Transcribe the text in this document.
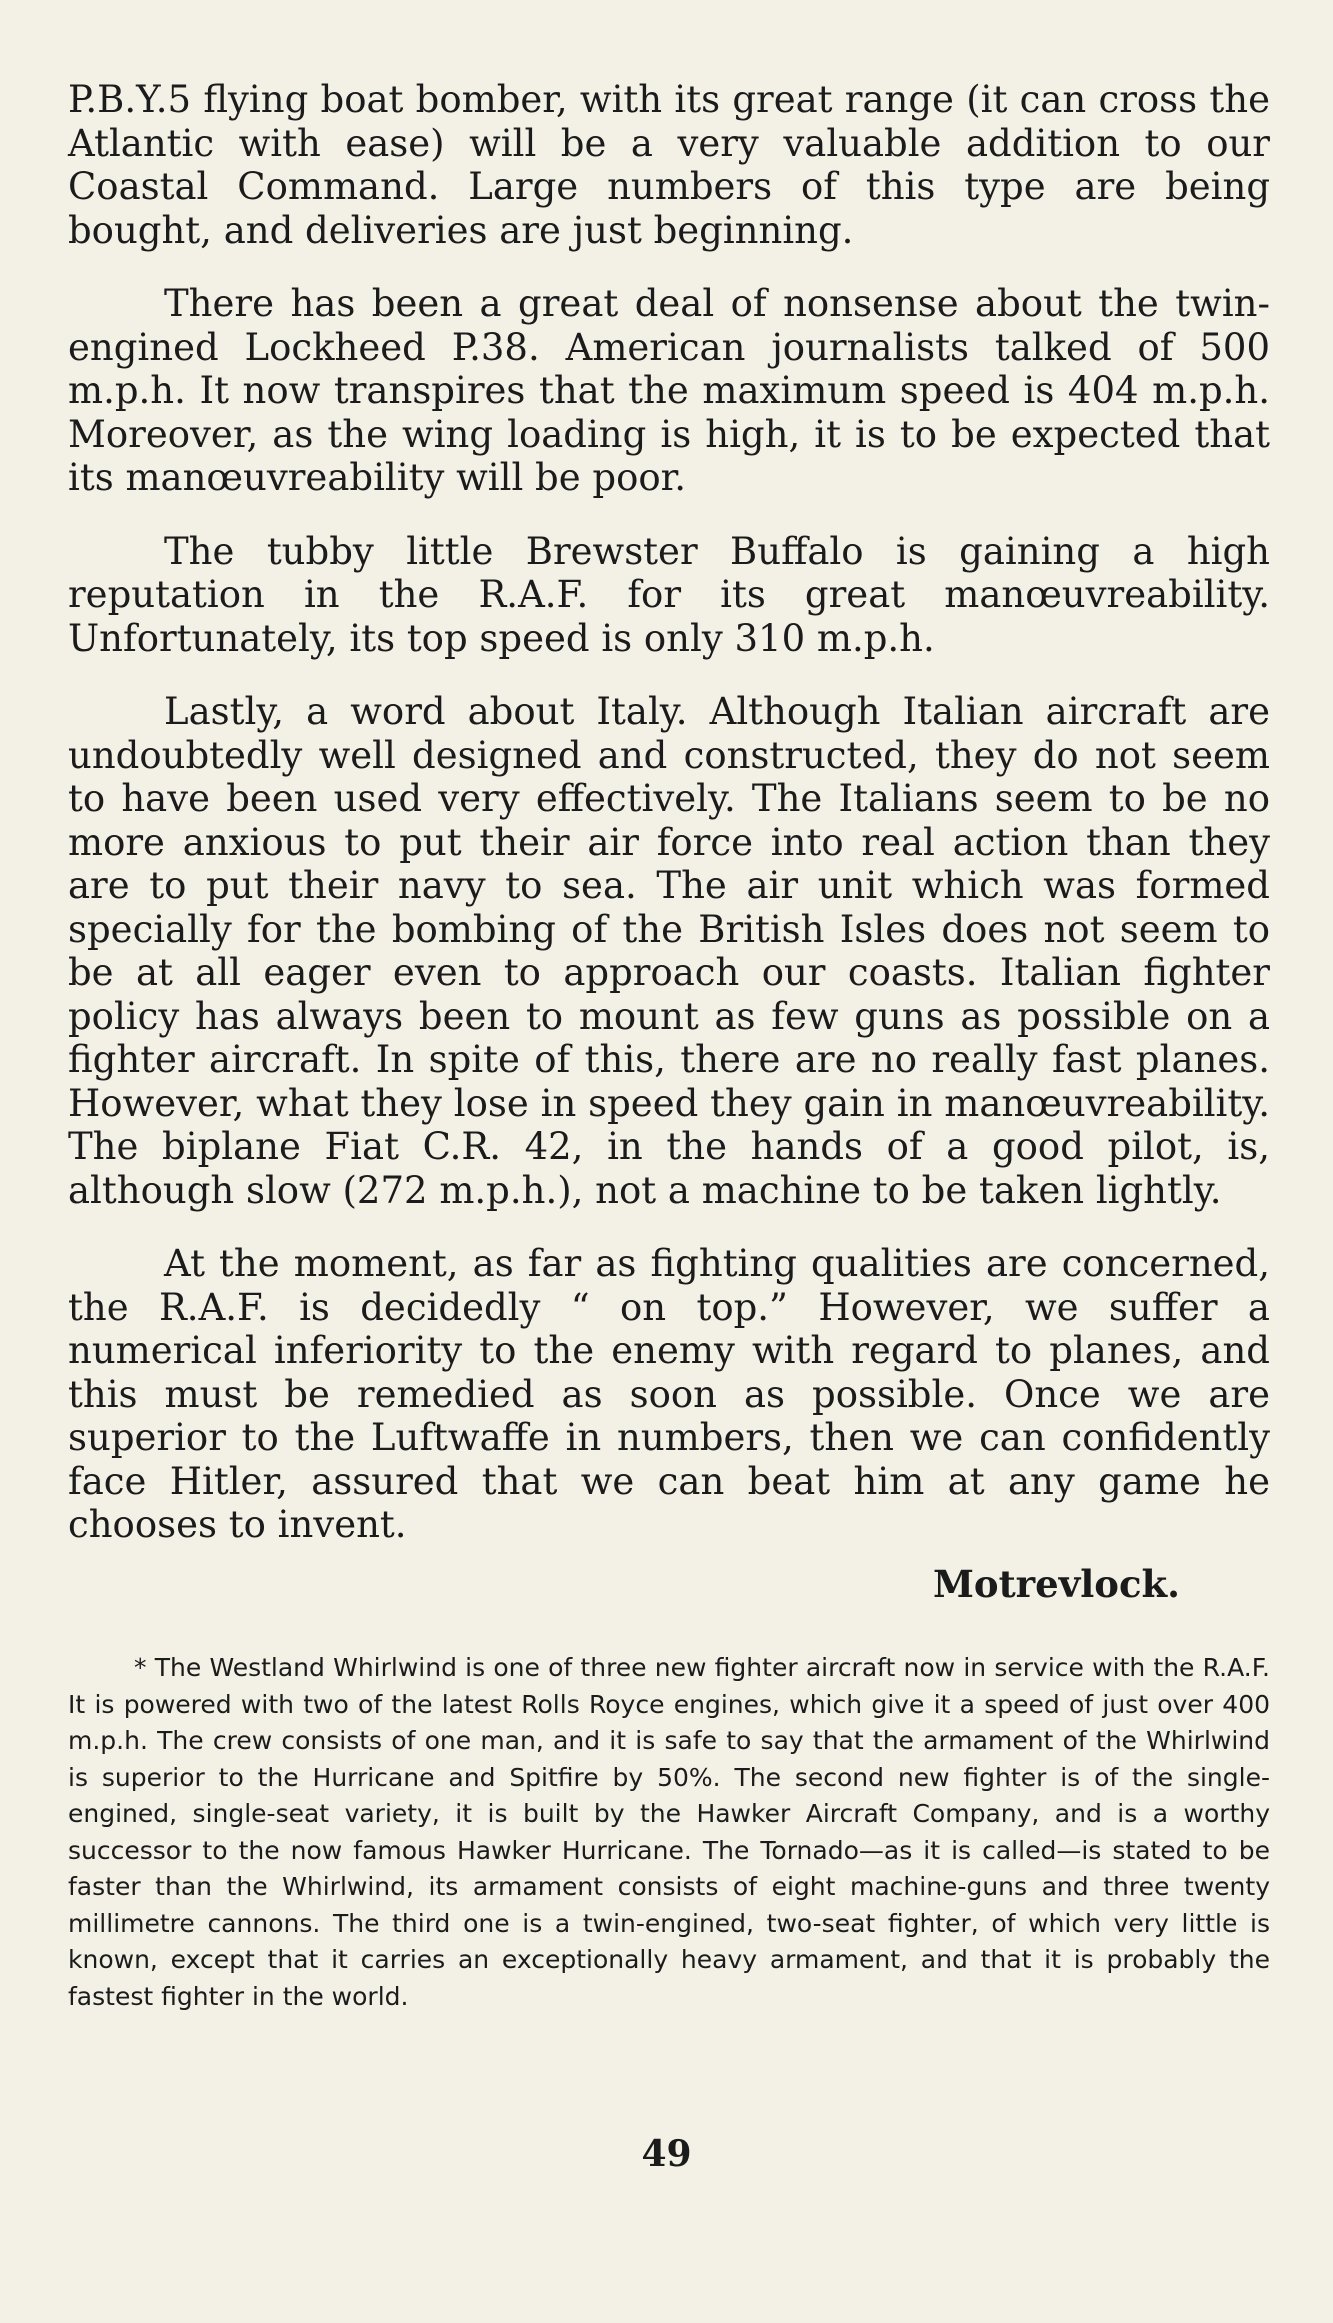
P.B.Y.5 flying boat bomber, with its great range (it can cross the Atlantic with ease) will be a very valuable addition to our Coastal Command. Large numbers of this type are being bought, and deliveries are just beginning.

There has been a great deal of nonsense about the twin-engined Lockheed P.38. American journalists talked of 500 m.p.h. It now transpires that the maximum speed is 404 m.p.h. Moreover, as the wing loading is high, it is to be expected that its manœuvreability will be poor.

The tubby little Brewster Buffalo is gaining a high reputation in the R.A.F. for its great manœuvreability. Unfortunately, its top speed is only 310 m.p.h.

Lastly, a word about Italy. Although Italian aircraft are undoubtedly well designed and constructed, they do not seem to have been used very effectively. The Italians seem to be no more anxious to put their air force into real action than they are to put their navy to sea. The air unit which was formed specially for the bombing of the British Isles does not seem to be at all eager even to approach our coasts. Italian fighter policy has always been to mount as few guns as possible on a fighter aircraft. In spite of this, there are no really fast planes. However, what they lose in speed they gain in manœuvreability. The biplane Fiat C.R. 42, in the hands of a good pilot, is, although slow (272 m.p.h.), not a machine to be taken lightly.

At the moment, as far as fighting qualities are concerned, the R.A.F. is decidedly “ on top.” However, we suffer a numerical inferiority to the enemy with regard to planes, and this must be remedied as soon as possible. Once we are superior to the Luftwaffe in numbers, then we can confidently face Hitler, assured that we can beat him at any game he chooses to invent.

Motrevlock.

* The Westland Whirlwind is one of three new fighter aircraft now in service with the R.A.F. It is powered with two of the latest Rolls Royce engines, which give it a speed of just over 400 m.p.h. The crew consists of one man, and it is safe to say that the armament of the Whirlwind is superior to the Hurricane and Spitfire by 50%. The second new fighter is of the single-engined, single-seat variety, it is built by the Hawker Aircraft Company, and is a worthy successor to the now famous Hawker Hurricane. The Tornado—as it is called—is stated to be faster than the Whirlwind, its armament consists of eight machine-guns and three twenty millimetre cannons. The third one is a twin-engined, two-seat fighter, of which very little is known, except that it carries an exceptionally heavy armament, and that it is probably the fastest fighter in the world.

49
